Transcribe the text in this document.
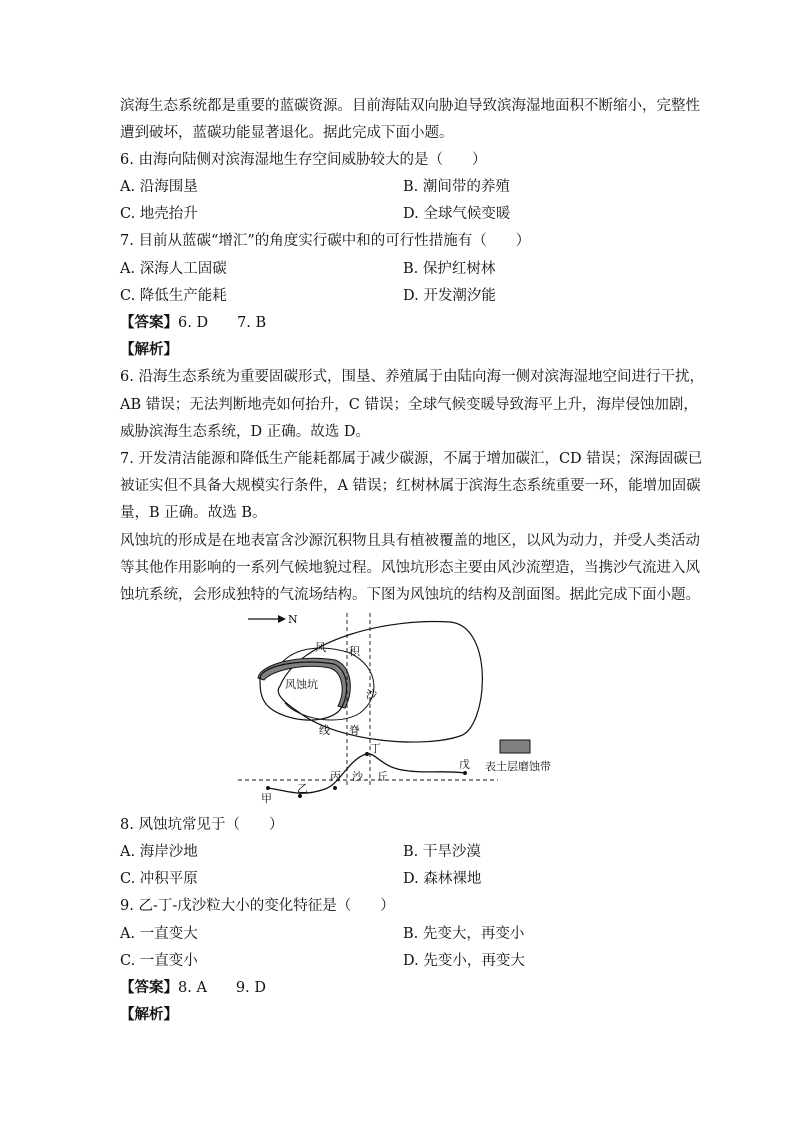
滨海生态系统都是重要的蓝碳资源。目前海陆双向胁迫导致滨海湿地面积不断缩小，完整性
遭到破坏，蓝碳功能显著退化。据此完成下面小题。
6. 由海向陆侧对滨海湿地生存空间威胁较大的是（　　）
A. 沿海围垦	B. 潮间带的养殖
C. 地壳抬升	D. 全球气候变暖
7. 目前从蓝碳“增汇”的角度实行碳中和的可行性措施有（　　）
A. 深海人工固碳	B. 保护红树林
C. 降低生产能耗	D. 开发潮汐能
【答案】6. D　　7. B
【解析】
6. 沿海生态系统为重要固碳形式，围垦、养殖属于由陆向海一侧对滨海湿地空间进行干扰，
AB 错误；无法判断地壳如何抬升，C 错误；全球气候变暖导致海平上升，海岸侵蚀加剧，
威胁滨海生态系统，D 正确。故选 D。
7. 开发清洁能源和降低生产能耗都属于减少碳源，不属于增加碳汇，CD 错误；深海固碳已
被证实但不具备大规模实行条件，A 错误；红树林属于滨海生态系统重要一环，能增加固碳
量，B 正确。故选 B。
风蚀坑的形成是在地表富含沙源沉积物且具有植被覆盖的地区，以风为动力，并受人类活动
等其他作用影响的一系列气候地貌过程。风蚀坑形态主要由风沙流塑造，当携沙气流进入风
蚀坑系统，会形成独特的气流场结构。下图为风蚀坑的结构及剖面图。据此完成下面小题。
N
风蚀坑
风 积
沙
线 脊
甲
乙
丙
丁
沙 丘
戊 表土层磨蚀带
8. 风蚀坑常见于（　　）
A. 海岸沙地	B. 干旱沙漠
C. 冲积平原	D. 森林裸地
9. 乙-丁-戊沙粒大小的变化特征是（　　）
A. 一直变大	B. 先变大，再变小
C. 一直变小	D. 先变小，再变大
【答案】8. A　　9. D
【解析】
